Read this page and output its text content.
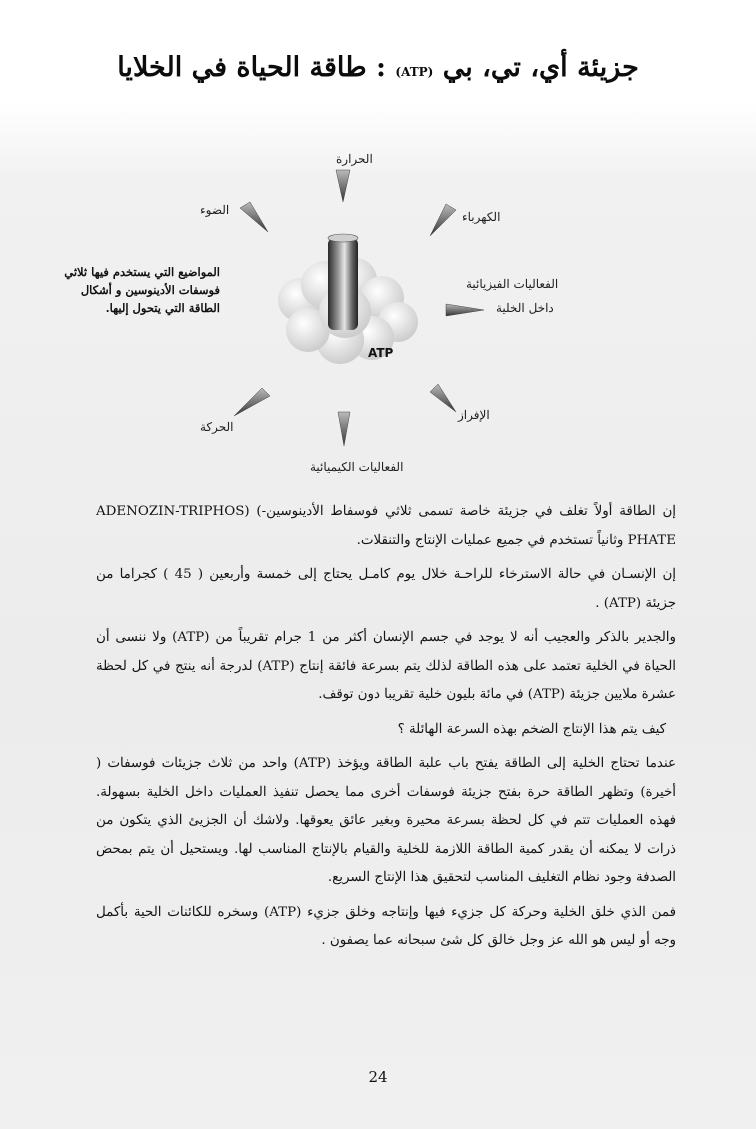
جزيئة أي، تي، بي (ATP) : طاقة الحياة في الخلايا
الحرارة
الضوء	الكهرباء
الفعاليات الفيزيائية
داخل الخلية
الإفراز
الفعاليات الكيميائية
الحركة
ATP
المواضيع التي يستخدم فيها ثلاثي فوسفات الأدينوسين و أشكال الطاقة التي يتحول إليها.

إن الطاقة أولاً تغلف في جزيئة خاصة تسمى ثلاثي فوسفاط الأدينوسين-ADENOZIN-TRIPHOS) ( PHATE وثانياً تستخدم في جميع عمليات الإنتاج والتنقلات.

إن الإنسـان في حالة الاسترخاء للراحـة خلال يوم كامـل يحتاج إلى خمسة وأربعين ( 45 ) كجراما من جزيئة (ATP) .

والجدير بالذكر والعجيب أنه لا يوجد في جسم الإنسان أكثر من 1 جرام تقريباً من (ATP) ولا ننسى أن الحياة في الخلية تعتمد على هذه الطاقة لذلك يتم بسرعة فائقة إنتاج (ATP) لدرجة أنه ينتج في كل لحظة عشرة ملايين جزيئة (ATP) في مائة بليون خلية تقريبا دون توقف.

كيف يتم هذا الإنتاج الضخم بهذه السرعة الهائلة ؟

عندما تحتاج الخلية إلى الطاقة يفتح باب علبة الطاقة ويؤخذ (ATP) واحد من ثلاث جزيئات فوسفات ( أخيرة) وتظهر الطاقة حرة بفتح جزيئة فوسفات أخرى مما يحصل تنفيذ العمليات داخل الخلية بسهولة. فهذه العمليات تتم في كل لحظة بسرعة محيرة وبغير عائق يعوقها. ولاشك أن الجزيئ الذي يتكون من ذرات لا يمكنه أن يقدر كمية الطاقة اللازمة للخلية والقيام بالإنتاج المناسب لها. ويستحيل أن يتم بمحض الصدفة وجود نظام التغليف المناسب لتحقيق هذا الإنتاج السريع.

فمن الذي خلق الخلية وحركة كل جزيء فيها وإنتاجه وخلق جزيء (ATP) وسخره للكائنات الحية بأكمل وجه أو ليس هو الله عز وجل خالق كل شئ سبحانه عما يصفون .

24
